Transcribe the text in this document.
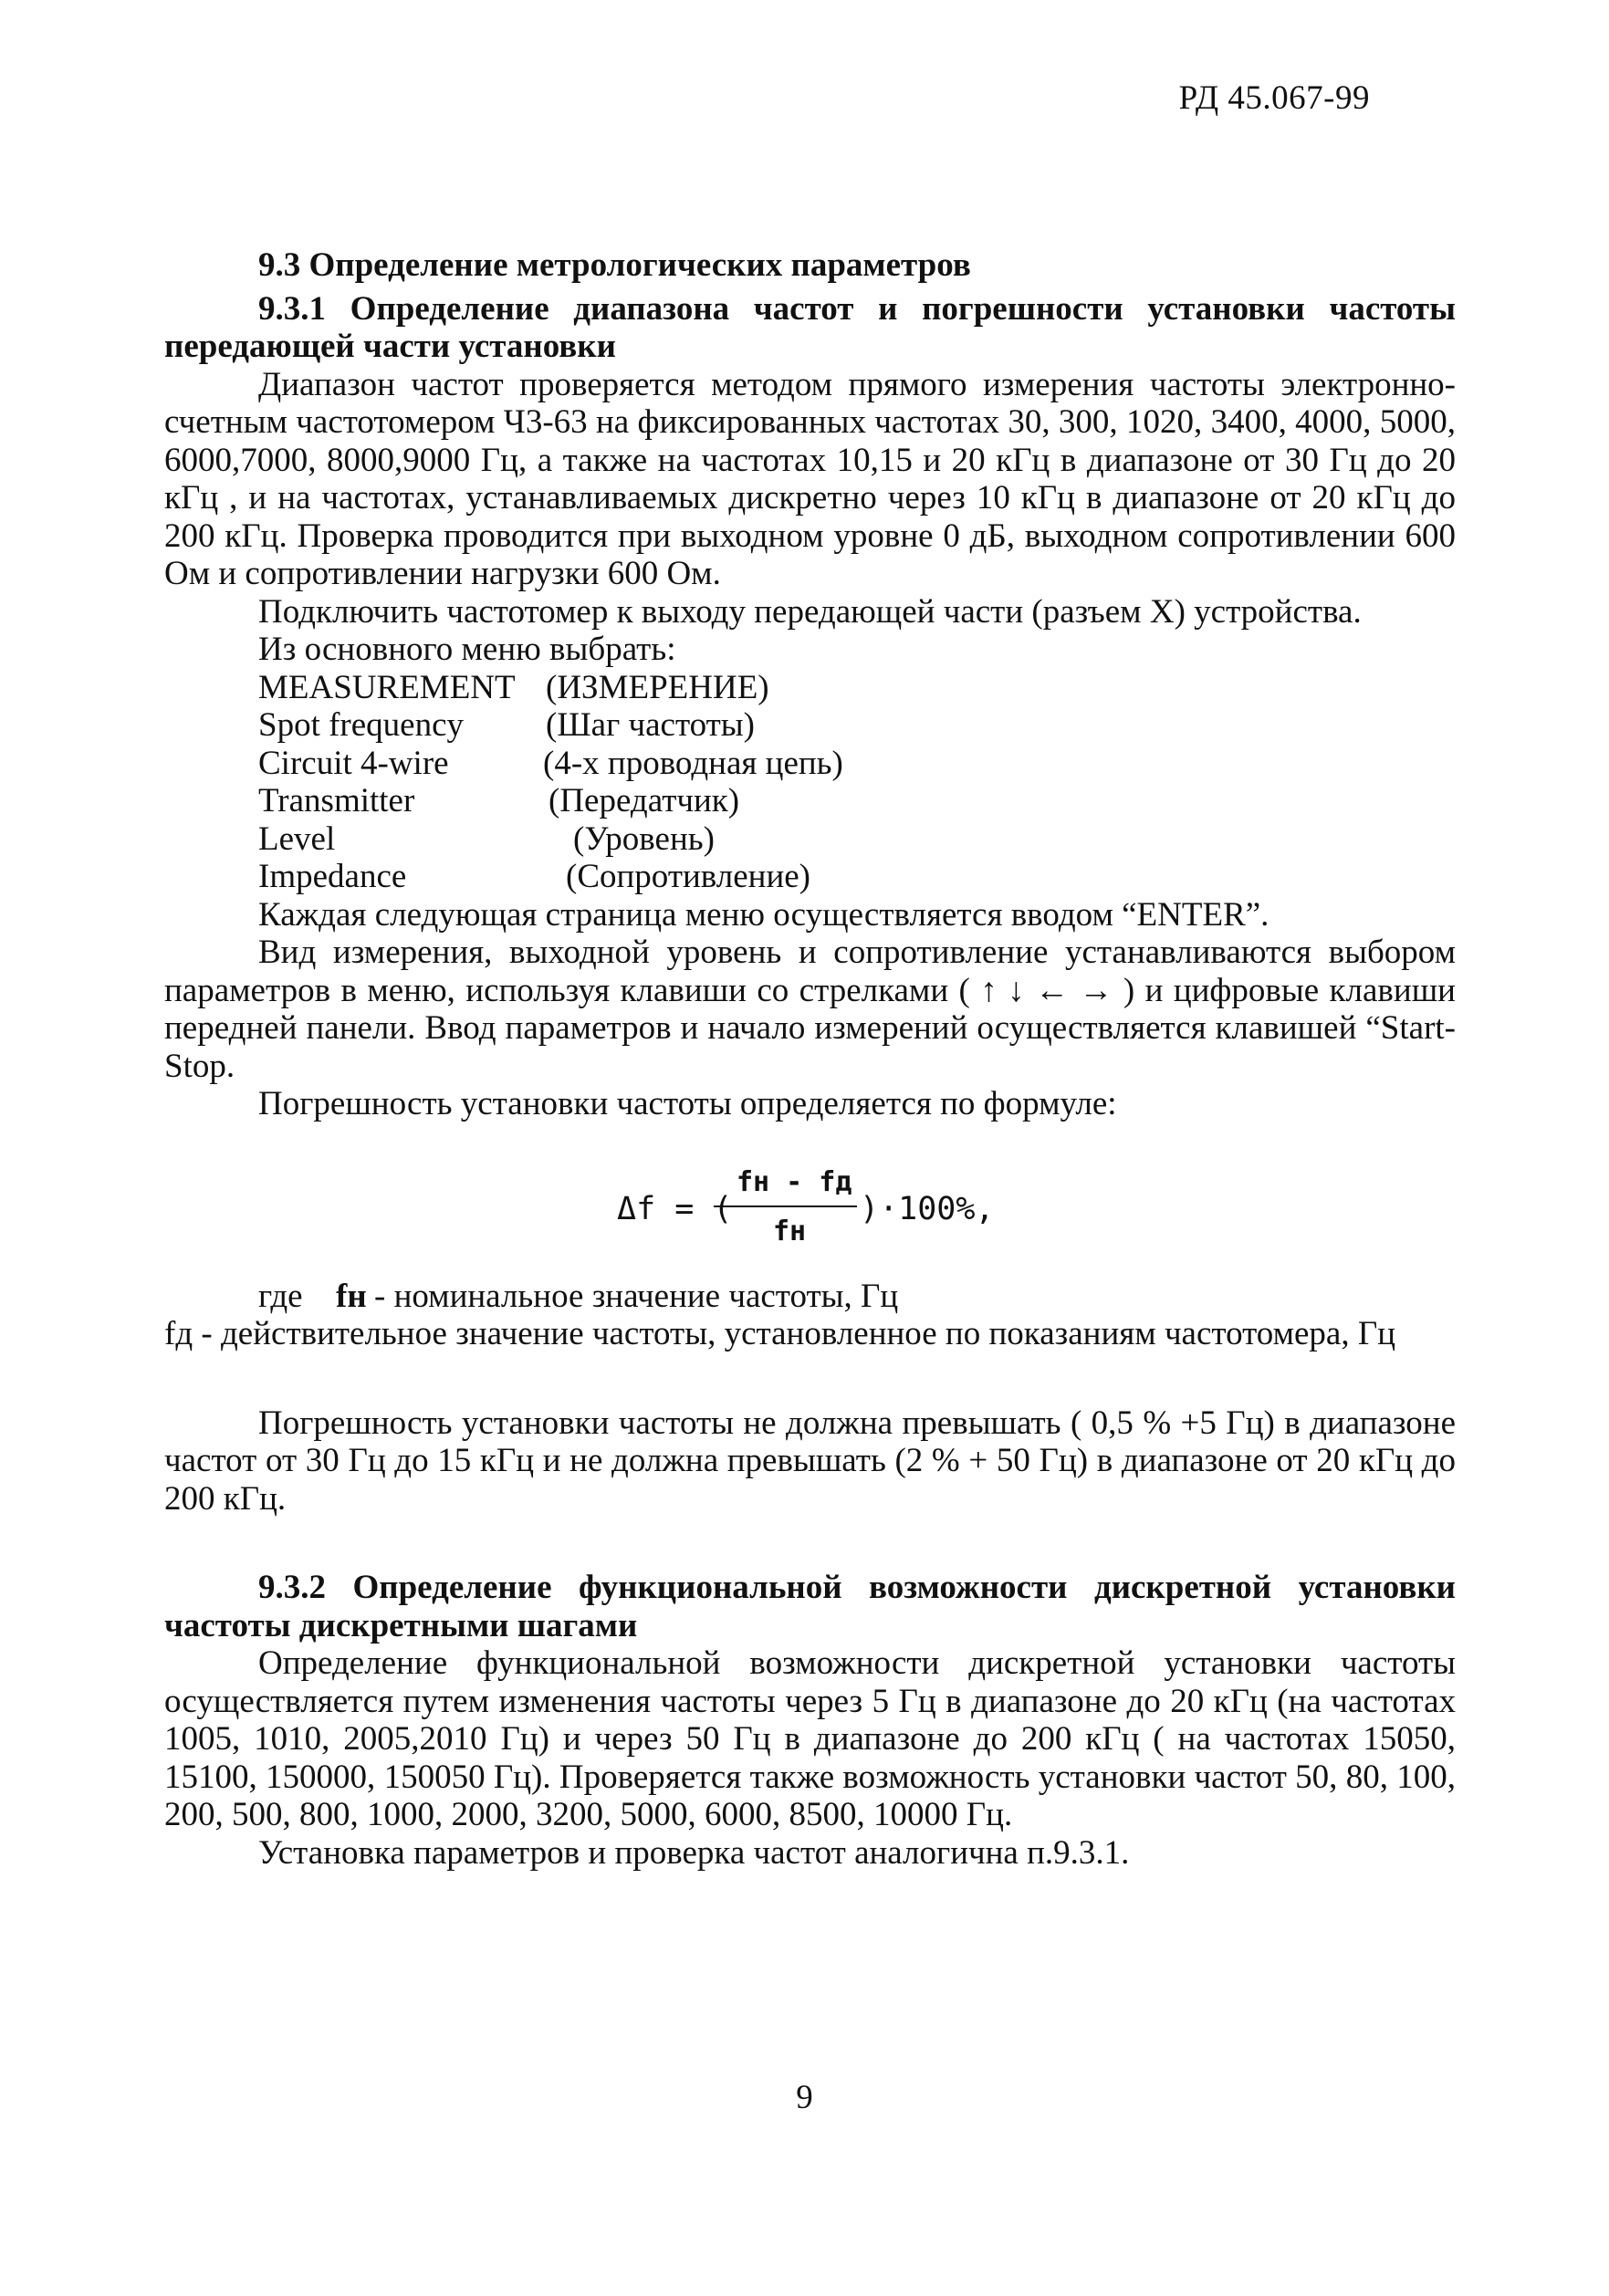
РД 45.067-99

9.3 Определение метрологических параметров

9.3.1 Определение диапазона частот и погрешности установки частоты передающей части установки

Диапазон частот проверяется методом прямого измерения частоты электронно-счетным частотомером Ч3-63 на фиксированных частотах 30, 300, 1020, 3400, 4000, 5000, 6000,7000, 8000,9000 Гц, а также на частотах 10,15 и 20 кГц в диапазоне от 30 Гц до 20 кГц , и на частотах, устанавливаемых дискретно через 10 кГц в диапазоне от 20 кГц до 200 кГц. Проверка проводится при выходном уровне 0 дБ, выходном сопротивлении 600 Ом и сопротивлении нагрузки 600 Ом.

Подключить частотомер к выходу передающей части (разъем X) устройства.

Из основного меню выбрать:

MEASUREMENT (ИЗМЕРЕНИЕ)
Spot frequency (Шаг частоты)
Circuit 4-wire	(4-х проводная цепь)
Transmitter	(Передатчик)
Level	(Уровень)
Impedance	(Сопротивление)

Каждая следующая страница меню осуществляется вводом “ENTER”.

Вид измерения, выходной уровень и сопротивление устанавливаются выбором параметров в меню, используя клавиши со стрелками ( ↑ ↓ ← → ) и цифровые клавиши передней панели. Ввод параметров и начало измерений осуществляется клавишей “Start-Stop.

Погрешность установки частоты определяется по формуле:

Δf = (
fн - fд
fн
)·100%,
где fн - номинальное значение частоты, Гц

fд - действительное значение частоты, установленное по показаниям частотомера, Гц

Погрешность установки частоты не должна превышать ( 0,5 % +5 Гц) в диапазоне частот от 30 Гц до 15 кГц и не должна превышать (2 % + 50 Гц) в диапазоне от 20 кГц до 200 кГц.

9.3.2 Определение функциональной возможности дискретной установки частоты дискретными шагами

Определение функциональной возможности дискретной установки частоты осуществляется путем изменения частоты через 5 Гц в диапазоне до 20 кГц (на частотах 1005, 1010, 2005,2010 Гц) и через 50 Гц в диапазоне до 200 кГц ( на частотах 15050, 15100, 150000, 150050 Гц). Проверяется также возможность установки частот 50, 80, 100, 200, 500, 800, 1000, 2000, 3200, 5000, 6000, 8500, 10000 Гц.

Установка параметров и проверка частот аналогична п.9.3.1.

9
